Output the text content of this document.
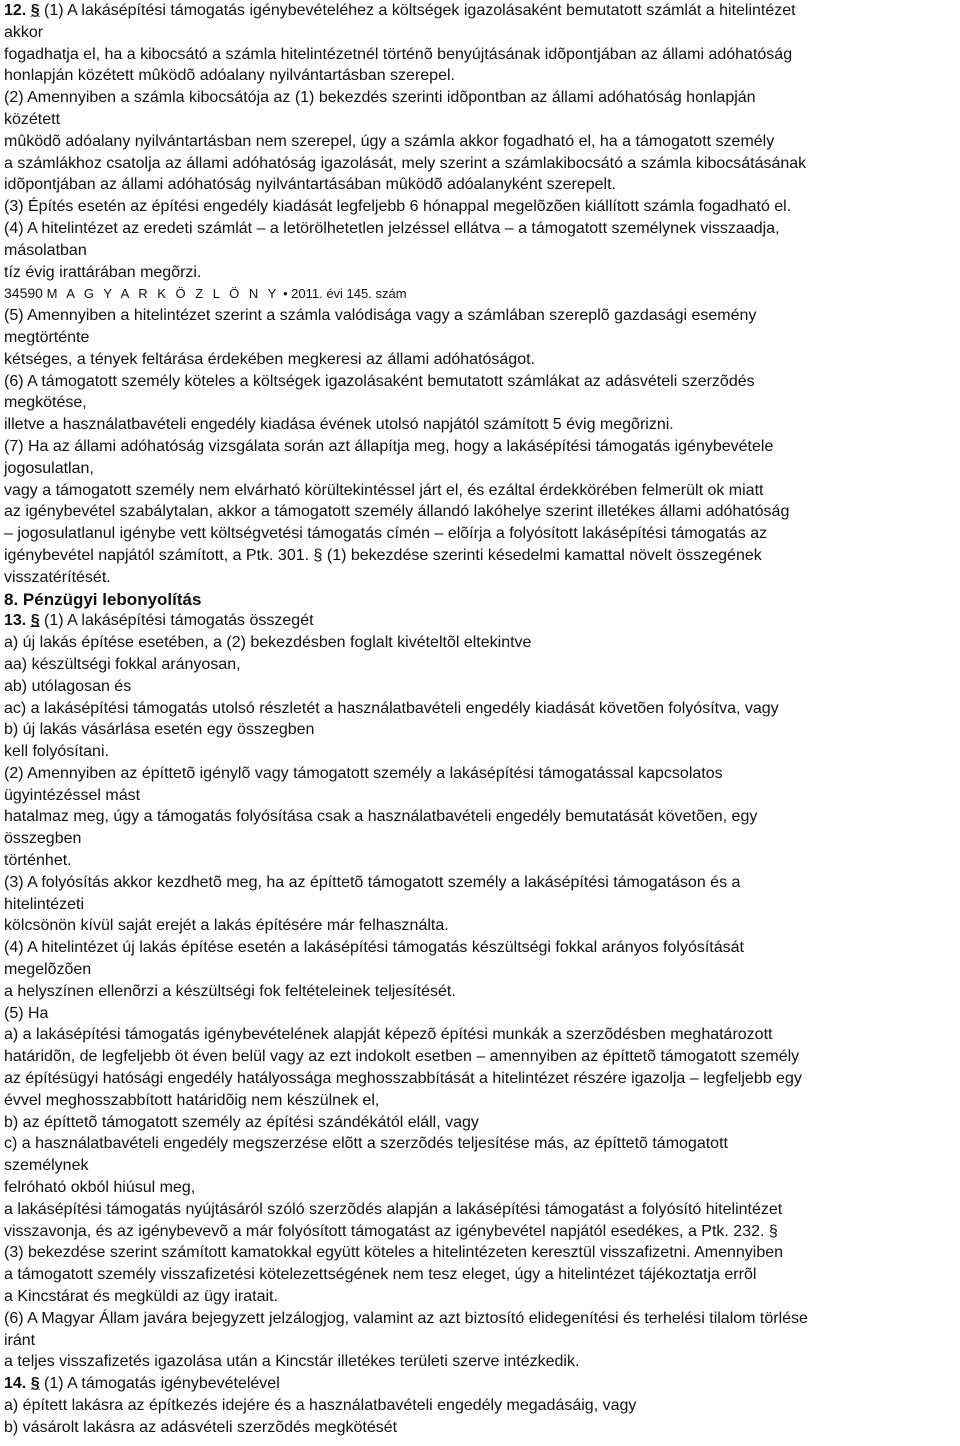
12. § (1) A lakásépítési támogatás igénybevételéhez a költségek igazolásaként bemutatott számlát a hitelintézet
akkor
fogadhatja el, ha a kibocsátó a számla hitelintézetnél történõ benyújtásának idõpontjában az állami adóhatóság
honlapján közétett mûködõ adóalany nyilvántartásban szerepel.
(2) Amennyiben a számla kibocsátója az (1) bekezdés szerinti idõpontban az állami adóhatóság honlapján
közétett
mûködõ adóalany nyilvántartásban nem szerepel, úgy a számla akkor fogadható el, ha a támogatott személy
a számlákhoz csatolja az állami adóhatóság igazolását, mely szerint a számlakibocsátó a számla kibocsátásának
idõpontjában az állami adóhatóság nyilvántartásában mûködõ adóalanyként szerepelt.
(3) Építés esetén az építési engedély kiadását legfeljebb 6 hónappal megelõzõen kiállított számla fogadható el.
(4) A hitelintézet az eredeti számlát – a letörölhetetlen jelzéssel ellátva – a támogatott személynek visszaadja,
másolatban
tíz évig irattárában megõrzi.
34590 M A G Y A R K Ö Z L Ö N Y • 2011. évi 145. szám
(5) Amennyiben a hitelintézet szerint a számla valódisága vagy a számlában szereplõ gazdasági esemény
megtörténte
kétséges, a tények feltárása érdekében megkeresi az állami adóhatóságot.
(6) A támogatott személy köteles a költségek igazolásaként bemutatott számlákat az adásvételi szerzõdés
megkötése,
illetve a használatbavételi engedély kiadása évének utolsó napjától számított 5 évig megõrizni.
(7) Ha az állami adóhatóság vizsgálata során azt állapítja meg, hogy a lakásépítési támogatás igénybevétele
jogosulatlan,
vagy a támogatott személy nem elvárható körültekintéssel járt el, és ezáltal érdekkörében felmerült ok miatt
az igénybevétel szabálytalan, akkor a támogatott személy állandó lakóhelye szerint illetékes állami adóhatóság
– jogosulatlanul igénybe vett költségvetési támogatás címén – elõírja a folyósított lakásépítési támogatás az
igénybevétel napjától számított, a Ptk. 301. § (1) bekezdése szerinti késedelmi kamattal növelt összegének
visszatérítését.
8. Pénzügyi lebonyolítás
13. § (1) A lakásépítési támogatás összegét
a) új lakás építése esetében, a (2) bekezdésben foglalt kivételtõl eltekintve
aa) készültségi fokkal arányosan,
ab) utólagosan és
ac) a lakásépítési támogatás utolsó részletét a használatbavételi engedély kiadását követõen folyósítva, vagy
b) új lakás vásárlása esetén egy összegben
kell folyósítani.
(2) Amennyiben az építtetõ igénylõ vagy támogatott személy a lakásépítési támogatással kapcsolatos
ügyintézéssel mást
hatalmaz meg, úgy a támogatás folyósítása csak a használatbavételi engedély bemutatását követõen, egy
összegben
történhet.
(3) A folyósítás akkor kezdhetõ meg, ha az építtetõ támogatott személy a lakásépítési támogatáson és a
hitelintézeti
kölcsönön kívül saját erejét a lakás építésére már felhasználta.
(4) A hitelintézet új lakás építése esetén a lakásépítési támogatás készültségi fokkal arányos folyósítását
megelõzõen
a helyszínen ellenõrzi a készültségi fok feltételeinek teljesítését.
(5) Ha
a) a lakásépítési támogatás igénybevételének alapját képezõ építési munkák a szerzõdésben meghatározott
határidõn, de legfeljebb öt éven belül vagy az ezt indokolt esetben – amennyiben az építtetõ támogatott személy
az építésügyi hatósági engedély hatályossága meghosszabbítását a hitelintézet részére igazolja – legfeljebb egy
évvel meghosszabbított határidõig nem készülnek el,
b) az építtetõ támogatott személy az építési szándékától eláll, vagy
c) a használatbavételi engedély megszerzése elõtt a szerzõdés teljesítése más, az építtetõ támogatott
személynek
felróható okból hiúsul meg,
a lakásépítési támogatás nyújtásáról szóló szerzõdés alapján a lakásépítési támogatást a folyósító hitelintézet
visszavonja, és az igénybevevõ a már folyósított támogatást az igénybevétel napjától esedékes, a Ptk. 232. §
(3) bekezdése szerint számított kamatokkal együtt köteles a hitelintézeten keresztül visszafizetni. Amennyiben
a támogatott személy visszafizetési kötelezettségének nem tesz eleget, úgy a hitelintézet tájékoztatja errõl
a Kincstárat és megküldi az ügy iratait.
(6) A Magyar Állam javára bejegyzett jelzálogjog, valamint az azt biztosító elidegenítési és terhelési tilalom törlése
iránt
a teljes visszafizetés igazolása után a Kincstár illetékes területi szerve intézkedik.
14. § (1) A támogatás igénybevételével
a) épített lakásra az építkezés idejére és a használatbavételi engedély megadásáig, vagy
b) vásárolt lakásra az adásvételi szerzõdés megkötését
